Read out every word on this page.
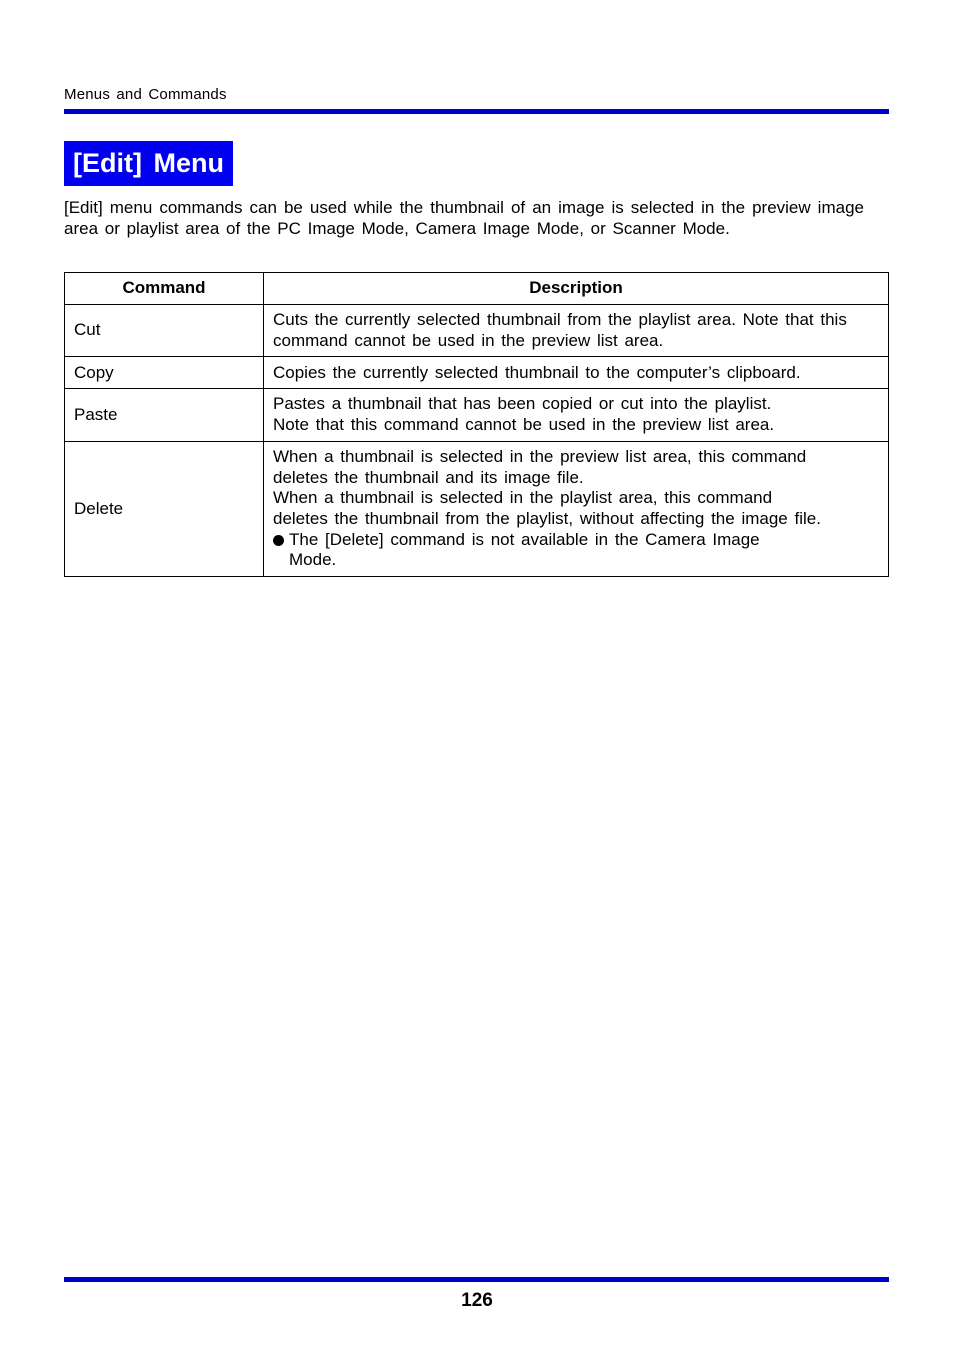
Menus and Commands
[Edit] Menu

[Edit] menu commands can be used while the thumbnail of an image is selected in the preview image area or playlist area of the PC Image Mode, Camera Image Mode, or Scanner Mode.

Command	Description
Cut	Cuts the currently selected thumbnail from the playlist area. Note that this command cannot be used in the preview list area.

Copy	Copies the currently selected thumbnail to the computer’s clipboard.

Paste	Pastes a thumbnail that has been copied or cut into the playlist.
Note that this command cannot be used in the preview list area.

Delete	When a thumbnail is selected in the preview list area, this command deletes the thumbnail and its image file.
When a thumbnail is selected in the playlist area, this command deletes the thumbnail from the playlist, without affecting the image file.
The [Delete] command is not available in the Camera Image Mode.
126
